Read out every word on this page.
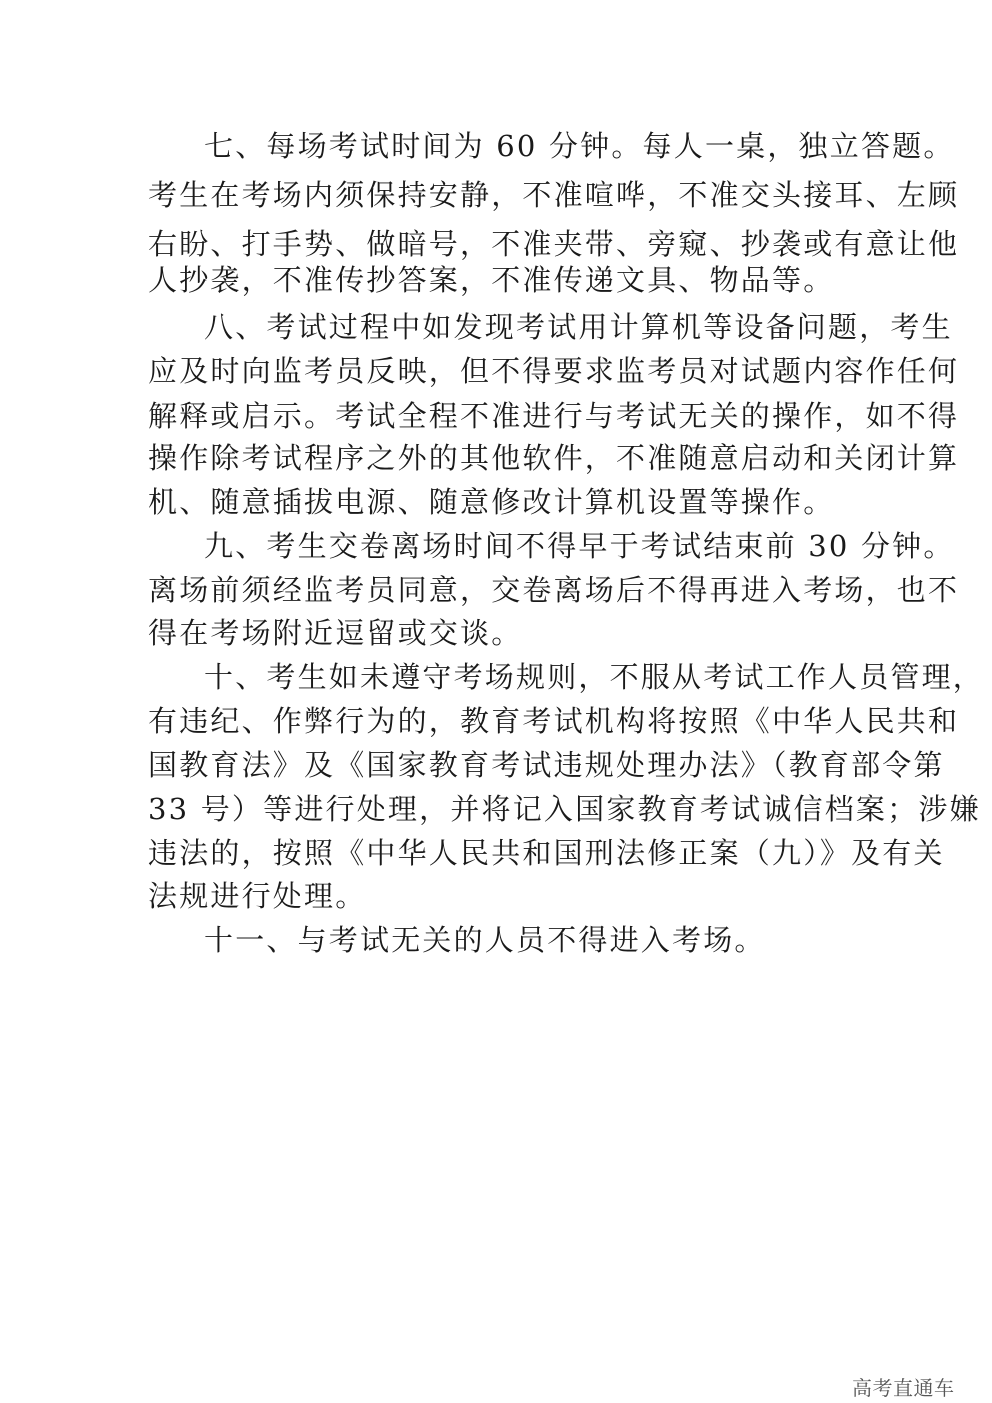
七、每场考试时间为 60 分钟。每人一桌，独立答题。
考生在考场内须保持安静，不准喧哗，不准交头接耳、左顾
右盼、打手势、做暗号，不准夹带、旁窥、抄袭或有意让他
人抄袭，不准传抄答案，不准传递文具、物品等。
八、考试过程中如发现考试用计算机等设备问题，考生
应及时向监考员反映，但不得要求监考员对试题内容作任何
解释或启示。考试全程不准进行与考试无关的操作，如不得
操作除考试程序之外的其他软件，不准随意启动和关闭计算
机、随意插拔电源、随意修改计算机设置等操作。
九、考生交卷离场时间不得早于考试结束前 30 分钟。
离场前须经监考员同意，交卷离场后不得再进入考场，也不
得在考场附近逗留或交谈。
十、考生如未遵守考场规则，不服从考试工作人员管理，
有违纪、作弊行为的，教育考试机构将按照《中华人民共和
国教育法》及《国家教育考试违规处理办法》（教育部令第
33 号）等进行处理，并将记入国家教育考试诚信档案；涉嫌
违法的，按照《中华人民共和国刑法修正案（九）》及有关
法规进行处理。
十一、与考试无关的人员不得进入考场。
高考直通车
